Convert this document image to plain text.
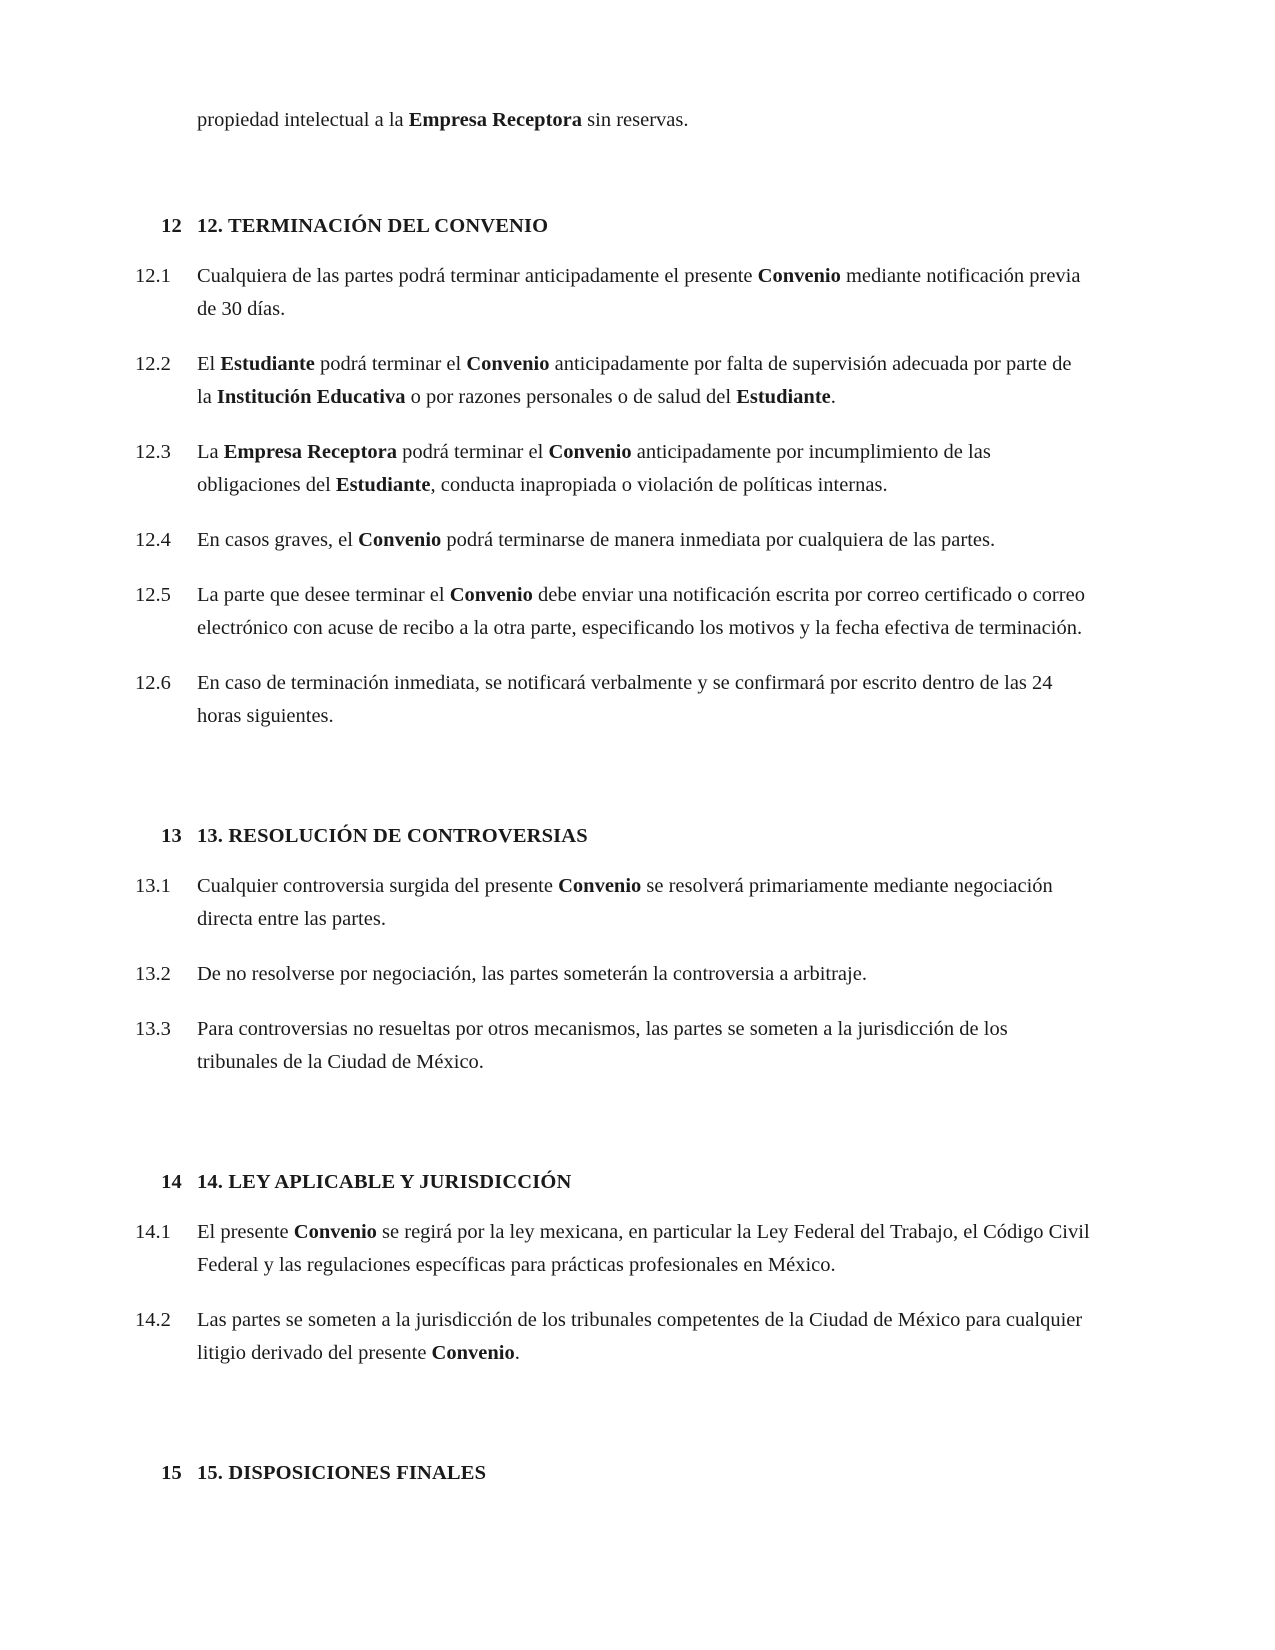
propiedad intelectual a la Empresa Receptora sin reservas.

12 12. TERMINACIÓN DEL CONVENIO
12.1	Cualquiera de las partes podrá terminar anticipadamente el presente Convenio mediante notificación previa de 30 días.
12.2	El Estudiante podrá terminar el Convenio anticipadamente por falta de supervisión adecuada por parte de la Institución Educativa o por razones personales o de salud del Estudiante.
12.3	La Empresa Receptora podrá terminar el Convenio anticipadamente por incumplimiento de las obligaciones del Estudiante, conducta inapropiada o violación de políticas internas.
12.4	En casos graves, el Convenio podrá terminarse de manera inmediata por cualquiera de las partes.
12.5	La parte que desee terminar el Convenio debe enviar una notificación escrita por correo certificado o correo electrónico con acuse de recibo a la otra parte, especificando los motivos y la fecha efectiva de terminación.
12.6	En caso de terminación inmediata, se notificará verbalmente y se confirmará por escrito dentro de las 24 horas siguientes.
13 13. RESOLUCIÓN DE CONTROVERSIAS
13.1	Cualquier controversia surgida del presente Convenio se resolverá primariamente mediante negociación directa entre las partes.
13.2	De no resolverse por negociación, las partes someterán la controversia a arbitraje.
13.3	Para controversias no resueltas por otros mecanismos, las partes se someten a la jurisdicción de los tribunales de la Ciudad de México.
14 14. LEY APLICABLE Y JURISDICCIÓN
14.1	El presente Convenio se regirá por la ley mexicana, en particular la Ley Federal del Trabajo, el Código Civil Federal y las regulaciones específicas para prácticas profesionales en México.
14.2	Las partes se someten a la jurisdicción de los tribunales competentes de la Ciudad de México para cualquier litigio derivado del presente Convenio.
15 15. DISPOSICIONES FINALES
